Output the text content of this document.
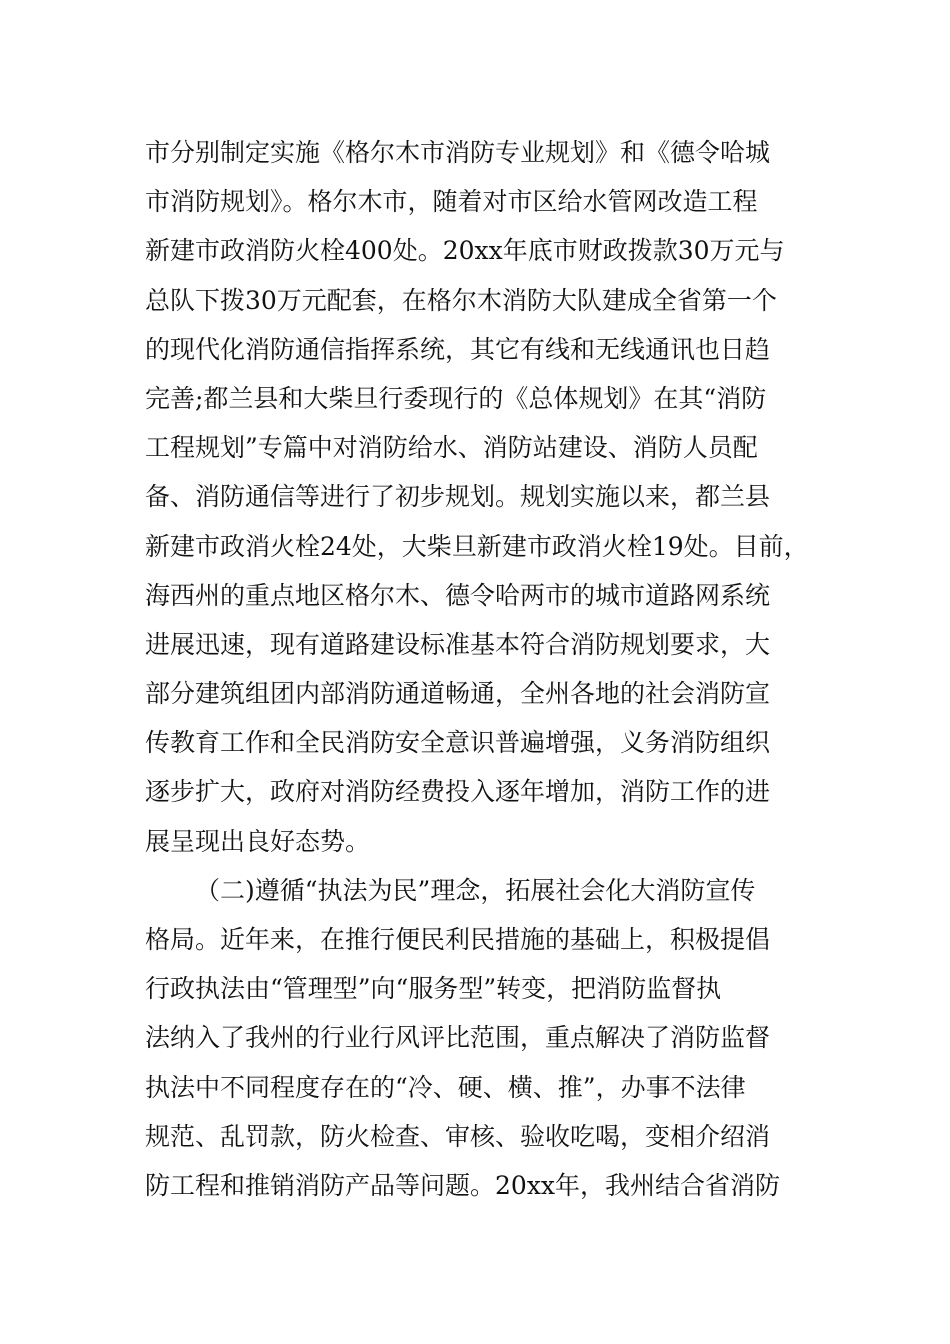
市分别制定实施《格尔木市消防专业规划》和《德令哈城
市消防规划》。格尔木市，随着对市区给水管网改造工程
新建市政消防火栓400处。20xx年底市财政拨款30万元与
总队下拨30万元配套，在格尔木消防大队建成全省第一个
的现代化消防通信指挥系统，其它有线和无线通讯也日趋
完善;都兰县和大柴旦行委现行的《总体规划》在其“消防
工程规划”专篇中对消防给水、消防站建设、消防人员配
备、消防通信等进行了初步规划。规划实施以来，都兰县
新建市政消火栓24处，大柴旦新建市政消火栓19处。目前，
海西州的重点地区格尔木、德令哈两市的城市道路网系统
进展迅速，现有道路建设标准基本符合消防规划要求，大
部分建筑组团内部消防通道畅通，全州各地的社会消防宣
传教育工作和全民消防安全意识普遍增强，义务消防组织
逐步扩大，政府对消防经费投入逐年增加，消防工作的进
展呈现出良好态势。
（二)遵循“执法为民”理念，拓展社会化大消防宣传
格局。近年来，在推行便民利民措施的基础上，积极提倡
行政执法由“管理型”向“服务型”转变，把消防监督执
法纳入了我州的行业行风评比范围，重点解决了消防监督
执法中不同程度存在的“冷、硬、横、推”，办事不法律
规范、乱罚款，防火检查、审核、验收吃喝，变相介绍消
防工程和推销消防产品等问题。20xx年，我州结合省消防
